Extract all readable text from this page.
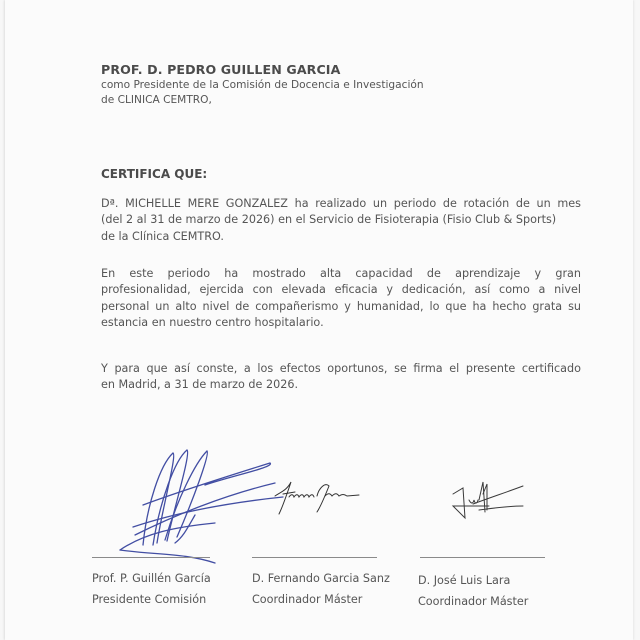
PROF. D. PEDRO GUILLEN GARCIA
como Presidente de la Comisión de Docencia e Investigación
de CLINICA CEMTRO,
CERTIFICA QUE:
Dª. MICHELLE MERE GONZALEZ ha realizado un periodo de rotación de un mes
(del 2 al 31 de marzo de 2026) en el Servicio de Fisioterapia (Fisio Club & Sports)
de la Clínica CEMTRO.
En este periodo ha mostrado alta capacidad de aprendizaje y gran
profesionalidad, ejercida con elevada eficacia y dedicación, así como a nivel
personal un alto nivel de compañerismo y humanidad, lo que ha hecho grata su
estancia en nuestro centro hospitalario.
Y para que así conste, a los efectos oportunos, se firma el presente certificado
en Madrid, a 31 de marzo de 2026.
Prof. P. Guillén García
Presidente Comisión
D. Fernando Garcia Sanz
Coordinador Máster
D. José Luis Lara
Coordinador Máster
